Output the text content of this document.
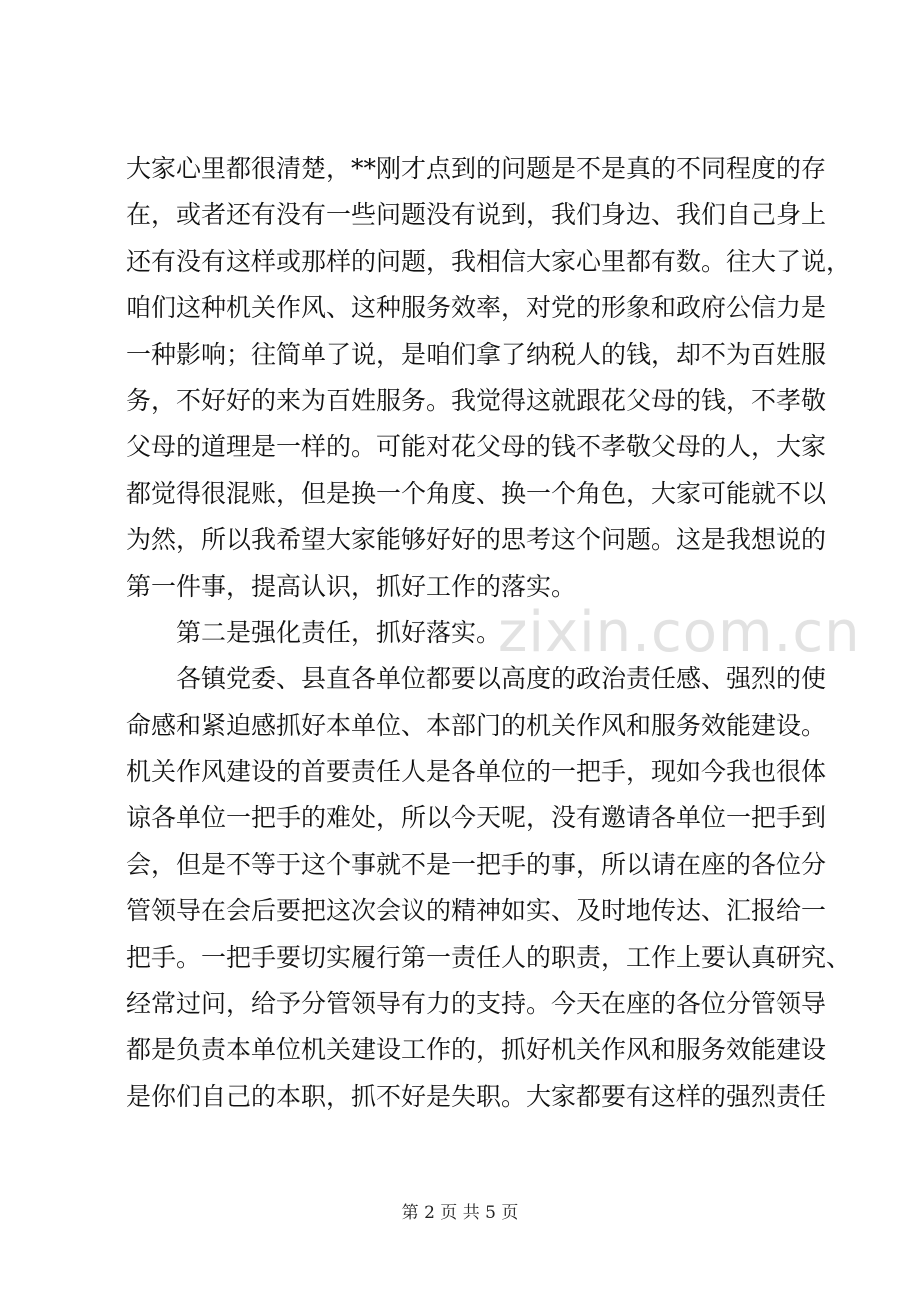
zixin.com.cn
大家心里都很清楚，**刚才点到的问题是不是真的不同程度的存
在，或者还有没有一些问题没有说到，我们身边、我们自己身上
还有没有这样或那样的问题，我相信大家心里都有数。往大了说，
咱们这种机关作风、这种服务效率，对党的形象和政府公信力是
一种影响；往简单了说，是咱们拿了纳税人的钱，却不为百姓服
务，不好好的来为百姓服务。我觉得这就跟花父母的钱，不孝敬
父母的道理是一样的。可能对花父母的钱不孝敬父母的人，大家
都觉得很混账，但是换一个角度、换一个角色，大家可能就不以
为然，所以我希望大家能够好好的思考这个问题。这是我想说的
第一件事，提高认识，抓好工作的落实。
第二是强化责任，抓好落实。
各镇党委、县直各单位都要以高度的政治责任感、强烈的使
命感和紧迫感抓好本单位、本部门的机关作风和服务效能建设。
机关作风建设的首要责任人是各单位的一把手，现如今我也很体
谅各单位一把手的难处，所以今天呢，没有邀请各单位一把手到
会，但是不等于这个事就不是一把手的事，所以请在座的各位分
管领导在会后要把这次会议的精神如实、及时地传达、汇报给一
把手。一把手要切实履行第一责任人的职责，工作上要认真研究、
经常过问，给予分管领导有力的支持。今天在座的各位分管领导
都是负责本单位机关建设工作的，抓好机关作风和服务效能建设
是你们自己的本职，抓不好是失职。大家都要有这样的强烈责任
第 2 页 共 5 页
